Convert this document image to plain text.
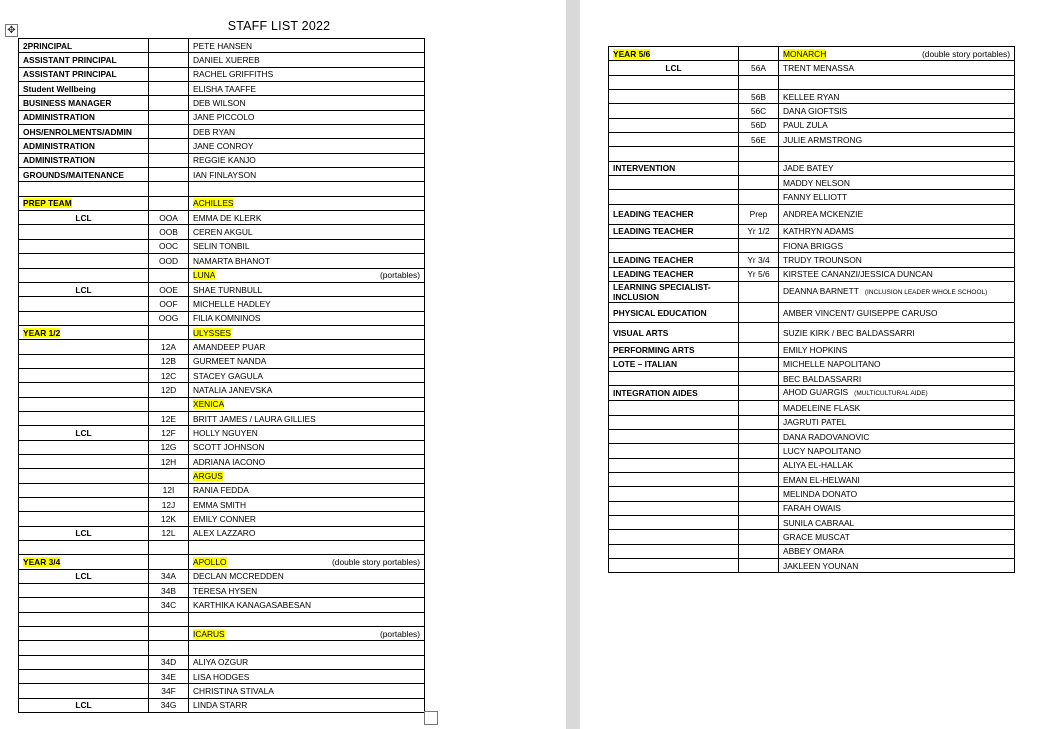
✥	STAFF LIST 2022
2PRINCIPAL		PETE HANSEN
ASSISTANT PRINCIPAL		DANIEL XUEREB
ASSISTANT PRINCIPAL		RACHEL GRIFFITHS
Student Wellbeing		ELISHA TAAFFE
BUSINESS MANAGER		DEB WILSON
ADMINISTRATION		JANE PICCOLO
OHS/ENROLMENTS/ADMIN		DEB RYAN
ADMINISTRATION		JANE CONROY
ADMINISTRATION		REGGIE KANJO
GROUNDS/MAITENANCE		IAN FINLAYSON

PREP TEAM		ACHILLES
LCL	OOA	EMMA DE KLERK
	OOB	CEREN AKGUL
	OOC	SELIN TONBIL
	OOD	NAMARTA BHANOT
		LUNA (portables)

LCL	OOE	SHAE TURNBULL
	OOF	MICHELLE HADLEY
	OOG	FILIA KOMNINOS
YEAR 1/2		ULYSSES
	12A	AMANDEEP PUAR
	12B	GURMEET NANDA
	12C	STACEY GAGULA
	12D	NATALIA JANEVSKA
		XENICA
	12E	BRITT JAMES / LAURA GILLIES
LCL	12F	HOLLY NGUYEN
	12G	SCOTT JOHNSON
	12H	ADRIANA IACONO
		ARGUS
	12I	RANIA FEDDA
	12J	EMMA SMITH
	12K	EMILY CONNER
LCL	12L	ALEX LAZZARO

YEAR 3/4		APOLLO (double story portables)

LCL	34A	DECLAN MCCREDDEN
	34B	TERESA HYSEN
	34C	KARTHIKA KANAGASABESAN

		ICARUS (portables)

	34D	ALIYA OZGUR
	34E	LISA HODGES
	34F	CHRISTINA STIVALA
LCL	34G	LINDA STARR
YEAR 5/6		MONARCH (double story portables)

LCL	56A	TRENT MENASSA

	56B	KELLEE RYAN
	56C	DANA GIOFTSIS
	56D	PAUL ZULA
	56E	JULIE ARMSTRONG

INTERVENTION		JADE BATEY
		MADDY NELSON
		FANNY ELLIOTT
LEADING TEACHER	Prep	ANDREA MCKENZIE
LEADING TEACHER	Yr 1/2	KATHRYN ADAMS
		FIONA BRIGGS
LEADING TEACHER	Yr 3/4	TRUDY TROUNSON
LEADING TEACHER	Yr 5/6	KIRSTEE CANANZI/JESSICA DUNCAN
LEARNING SPECIALIST-INCLUSION		DEANNA BARNETT (INCLUSION LEADER WHOLE SCHOOL)
PHYSICAL EDUCATION		AMBER VINCENT/ GUISEPPE CARUSO
VISUAL ARTS		SUZIE KIRK / BEC BALDASSARRI
PERFORMING ARTS		EMILY HOPKINS
LOTE – ITALIAN		MICHELLE NAPOLITANO
		BEC BALDASSARRI
INTEGRATION AIDES		AHOD GUARGIS (MULTICULTURAL AIDE)
		MADELEINE FLASK
		JAGRUTI PATEL
		DANA RADOVANOVIC
		LUCY NAPOLITANO
		ALIYA EL-HALLAK
		EMAN EL-HELWANI
		MELINDA DONATO
		FARAH OWAIS
		SUNILA CABRAAL
		GRACE MUSCAT
		ABBEY OMARA
		JAKLEEN YOUNAN
